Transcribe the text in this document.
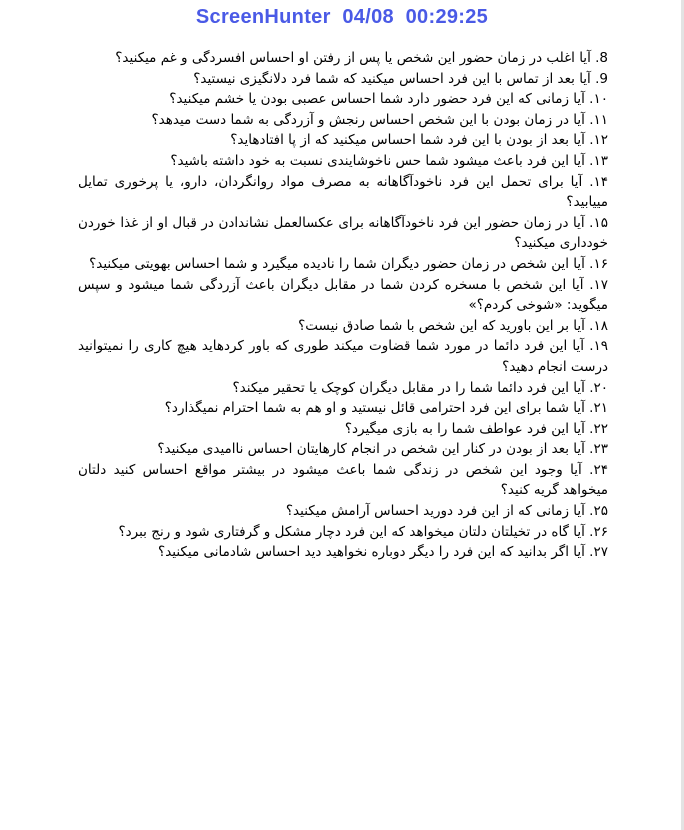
ScreenHunter  04/08  00:29:25

8. آیا اغلب در زمان حضور این شخص یا پس از رفتن او احساس افسردگی و غم میکنید؟

9. آیا بعد از تماس با این فرد احساس میکنید که شما فرد دلانگیزی نیستید؟

۱۰. آیا زمانی که این فرد حضور دارد شما احساس عصبی بودن یا خشم میکنید؟

۱۱. آیا در زمان بودن با این شخص احساس رنجش و آزردگی به شما دست میدهد؟

۱۲. آیا بعد از بودن با این فرد شما احساس میکنید که از پا افتادهاید؟

۱۳. آیا این فرد باعث میشود شما حس ناخوشایندی نسبت به خود داشته باشید؟

۱۴. آیا برای تحمل این فرد ناخودآگاهانه به مصرف مواد روانگردان، دارو، یا پرخوری تمایل مییابید؟

۱۵. آیا در زمان حضور این فرد ناخودآگاهانه برای عکسالعمل نشاندادن در قبال او از غذا خوردن خودداری میکنید؟

۱۶. آیا این شخص در زمان حضور دیگران شما را نادیده میگیرد و شما احساس بهویتی میکنید؟

۱۷. آیا این شخص با مسخره کردن شما در مقابل دیگران باعث آزردگی شما میشود و سپس میگوید: «شوخی کردم؟»

۱۸. آیا بر این باورید که این شخص با شما صادق نیست؟

۱۹. آیا این فرد دائما در مورد شما قضاوت میکند طوری که باور کردهاید هیچ کاری را نمیتوانید درست انجام دهید؟

۲۰. آیا این فرد دائما شما را در مقابل دیگران کوچک یا تحقیر میکند؟

۲۱. آیا شما برای این فرد احترامی قائل نیستید و او هم به شما احترام نمیگذارد؟

۲۲. آیا این فرد عواطف شما را به بازی میگیرد؟

۲۳. آیا بعد از بودن در کنار این شخص در انجام کارهایتان احساس ناامیدی میکنید؟

۲۴. آیا وجود این شخص در زندگی شما باعث میشود در بیشتر مواقع احساس کنید دلتان میخواهد گریه کنید؟

۲۵. آیا زمانی که از این فرد دورید احساس آرامش میکنید؟

۲۶. آیا گاه در تخیلتان دلتان میخواهد که این فرد دچار مشکل و گرفتاری شود و رنج ببرد؟

۲۷. آیا اگر بدانید که این فرد را دیگر دوباره نخواهید دید احساس شادمانی میکنید؟
